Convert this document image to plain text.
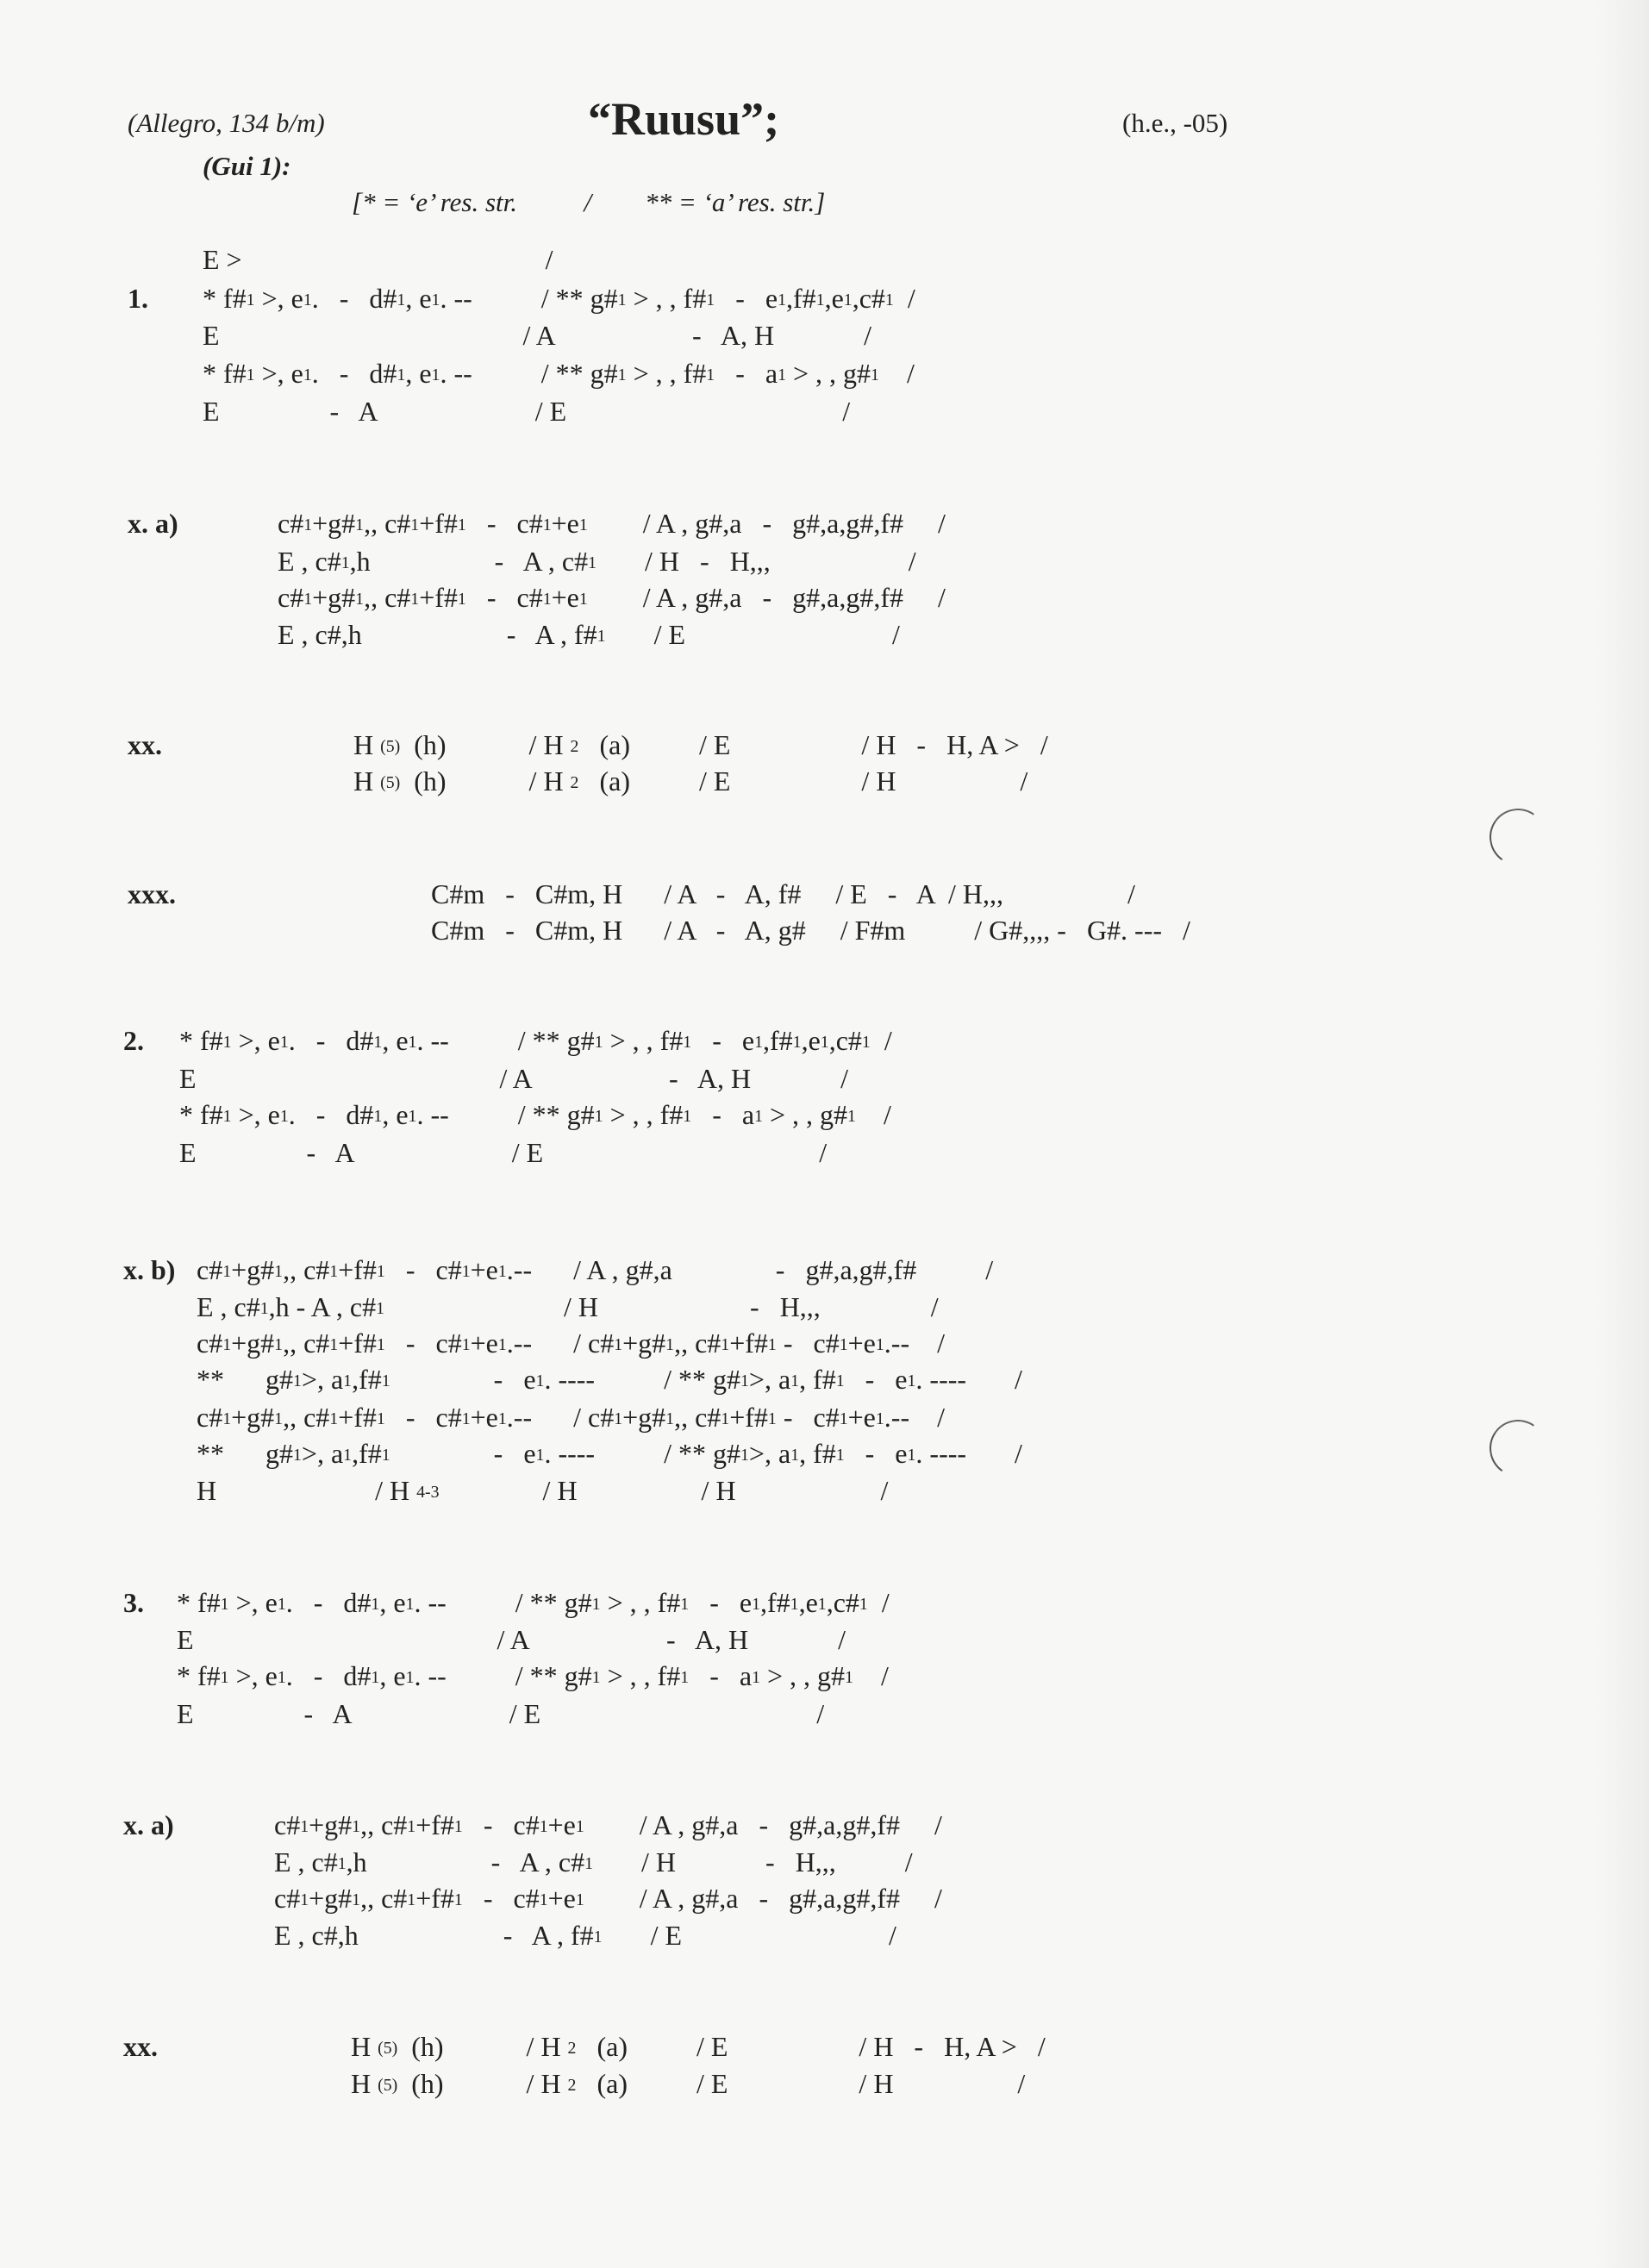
(Allegro, 134 b/m)	“Ruusu”;	(h.e., -05)
(Gui 1):
[* = ‘e’ res. str.          /        ** = ‘a’ res. str.]
1.
E >                                            /
* f#$^1$ >, $e^1$.   -   d#$^1$, $e^1$. --          / ** g#$^1$ > , , f#$^1$   -   $e^1,f\#^1,e^1,c\#^1$  /
E                                            / A                    -   A, H             /
* f#$^1$ >, $e^1$.   -   d#$^1$, $e^1$. --          / ** g#$^1$ > , , f#$^1$   -   $a^1$ > , , g#$^1$    /
E                -   A                       / E                                        /
x. a)	c#$^1$+g#$^1$,, c#$^1$+f#$^1$   -   $c\#^1+e^1$        / A , g#,a   -   g#,a,g#,f#     /
E , c#$^1$,h                  -   A , c#$^1$       / H   -   H,,,                    /
c#$^1$+g#$^1$,, c#$^1$+f#$^1$   -   $c\#^1+e^1$        / A , g#,a   -   g#,a,g#,f#     /
E , c#,h                     -   A , f#$^1$       / E                              /
xx.	H $^{(5)}$  (h)            / H $^2$   (a)          / E                   / H   -   H, A >   /
H $^{(5)}$  (h)            / H $^2$   (a)          / E                   / H                  /
xxx.	C#m   -   C#m, H      / A   -   A, f#     / E   -   A  / H,,,                  /
C#m   -   C#m, H      / A   -   A, g#     / F#m          / G#,,,, -   G#. ---   /
2. * f#$^1$ >, $e^1$.   -   d#$^1$, $e^1$. --          / ** g#$^1$ > , , f#$^1$   -   $e^1,f\#^1,e^1,c\#^1$  /
E                                            / A                    -   A, H             /
* f#$^1$ >, $e^1$.   -   d#$^1$, $e^1$. --          / ** g#$^1$ > , , f#$^1$   -   $a^1$ > , , g#$^1$    /
E                -   A                       / E                                        /
x. b) c#$^1$+g#$^1$,, c#$^1$+f#$^1$   -   $c\#^1+e^1.--$      / A , g#,a               -   g#,a,g#,f#          /
E , c#$^1$,h - A , c#$^1$                          / H                      -   H,,,                /
c#$^1$+g#$^1$,, c#$^1$+f#$^1$   -   $c\#^1+e^1.--$      / c#$^1$+g#$^1$,, c#$^1$+f#$^1$ -   $c\#^1+e^1.--$    /
**      g#$^1$>, $a^1,f\#^1$               -   $e^1$. ----          / ** g#$^1$>, $a^1$, f#$^1$   -   $e^1$. ----       /
c#$^1$+g#$^1$,, c#$^1$+f#$^1$   -   $c\#^1+e^1.--$      / c#$^1$+g#$^1$,, c#$^1$+f#$^1$ -   $c\#^1+e^1.--$    /
**      g#$^1$>, $a^1,f\#^1$               -   $e^1$. ----          / ** g#$^1$>, $a^1$, f#$^1$   -   $e^1$. ----       /
H                       / H $^{4-3}$               / H                  / H                     /
3. * f#$^1$ >, $e^1$.   -   d#$^1$, $e^1$. --          / ** g#$^1$ > , , f#$^1$   -   $e^1,f\#^1,e^1,c\#^1$  /
E                                            / A                    -   A, H             /
* f#$^1$ >, $e^1$.   -   d#$^1$, $e^1$. --          / ** g#$^1$ > , , f#$^1$   -   $a^1$ > , , g#$^1$    /
E                -   A                       / E                                        /
x. a)	c#$^1$+g#$^1$,, c#$^1$+f#$^1$   -   $c\#^1+e^1$        / A , g#,a   -   g#,a,g#,f#     /
E , c#$^1$,h                  -   A , c#$^1$       / H             -   H,,,          /
c#$^1$+g#$^1$,, c#$^1$+f#$^1$   -   $c\#^1+e^1$        / A , g#,a   -   g#,a,g#,f#     /
E , c#,h                     -   A , f#$^1$       / E                              /
xx.	H $^{(5)}$  (h)            / H $^2$   (a)          / E                   / H   -   H, A >   /
H $^{(5)}$  (h)            / H $^2$   (a)          / E                   / H                  /
